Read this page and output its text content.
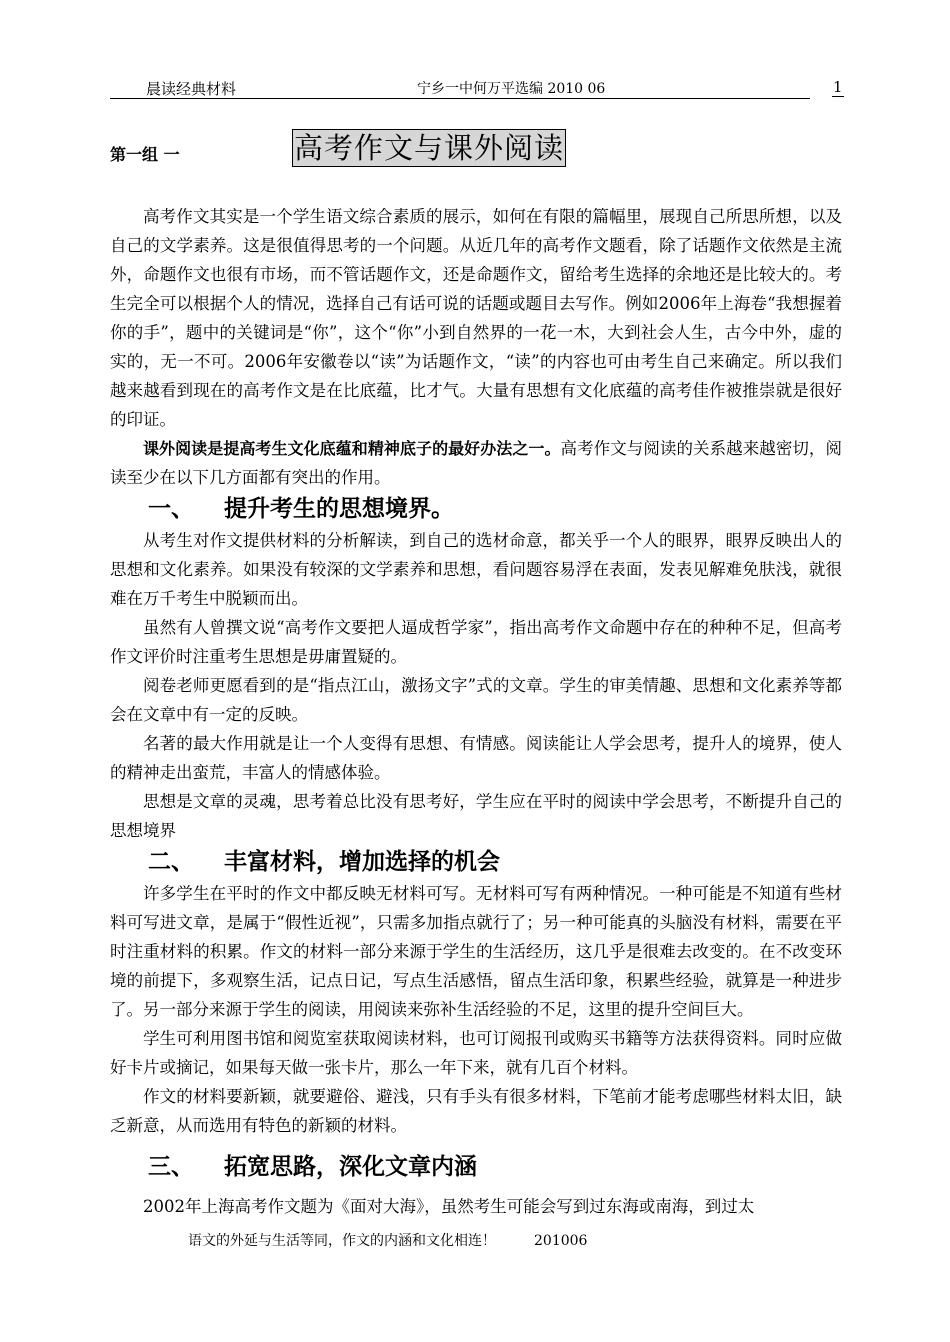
晨读经典材料	宁乡一中何万平选编 2010 06	1
第一组 一	高考作文与课外阅读

高考作文其实是一个学生语文综合素质的展示，如何在有限的篇幅里，展现自己所思所想，以及自己的文学素养。这是很值得思考的一个问题。从近几年的高考作文题看，除了话题作文依然是主流外，命题作文也很有市场，而不管话题作文，还是命题作文，留给考生选择的余地还是比较大的。考生完全可以根据个人的情况，选择自己有话可说的话题或题目去写作。例如2006年上海卷“我想握着你的手”，题中的关键词是“你”，这个“你”小到自然界的一花一木，大到社会人生，古今中外，虚的实的，无一不可。2006年安徽卷以“读”为话题作文，“读”的内容也可由考生自己来确定。所以我们越来越看到现在的高考作文是在比底蕴，比才气。大量有思想有文化底蕴的高考佳作被推崇就是很好的印证。

课外阅读是提高考生文化底蕴和精神底子的最好办法之一。高考作文与阅读的关系越来越密切，阅读至少在以下几方面都有突出的作用。

一、 提升考生的思想境界。

从考生对作文提供材料的分析解读，到自己的选材命意，都关乎一个人的眼界，眼界反映出人的思想和文化素养。如果没有较深的文学素养和思想，看问题容易浮在表面，发表见解难免肤浅，就很难在万千考生中脱颖而出。

虽然有人曾撰文说“高考作文要把人逼成哲学家”，指出高考作文命题中存在的种种不足，但高考作文评价时注重考生思想是毋庸置疑的。

阅卷老师更愿看到的是“指点江山，激扬文字”式的文章。学生的审美情趣、思想和文化素养等都会在文章中有一定的反映。

名著的最大作用就是让一个人变得有思想、有情感。阅读能让人学会思考，提升人的境界，使人的精神走出蛮荒，丰富人的情感体验。

思想是文章的灵魂，思考着总比没有思考好，学生应在平时的阅读中学会思考，不断提升自己的思想境界

二、 丰富材料，增加选择的机会

许多学生在平时的作文中都反映无材料可写。无材料可写有两种情况。一种可能是不知道有些材料可写进文章，是属于“假性近视”，只需多加指点就行了；另一种可能真的头脑没有材料，需要在平时注重材料的积累。作文的材料一部分来源于学生的生活经历，这几乎是很难去改变的。在不改变环境的前提下，多观察生活，记点日记，写点生活感悟，留点生活印象，积累些经验，就算是一种进步了。另一部分来源于学生的阅读，用阅读来弥补生活经验的不足，这里的提升空间巨大。

学生可利用图书馆和阅览室获取阅读材料，也可订阅报刊或购买书籍等方法获得资料。同时应做好卡片或摘记，如果每天做一张卡片，那么一年下来，就有几百个材料。

作文的材料要新颖，就要避俗、避浅，只有手头有很多材料，下笔前才能考虑哪些材料太旧，缺乏新意，从而选用有特色的新颖的材料。

三、 拓宽思路，深化文章内涵

2002年上海高考作文题为《面对大海》，虽然考生可能会写到过东海或南海，到过太

语文的外延与生活等同，作文的内涵和文化相连！	201006
